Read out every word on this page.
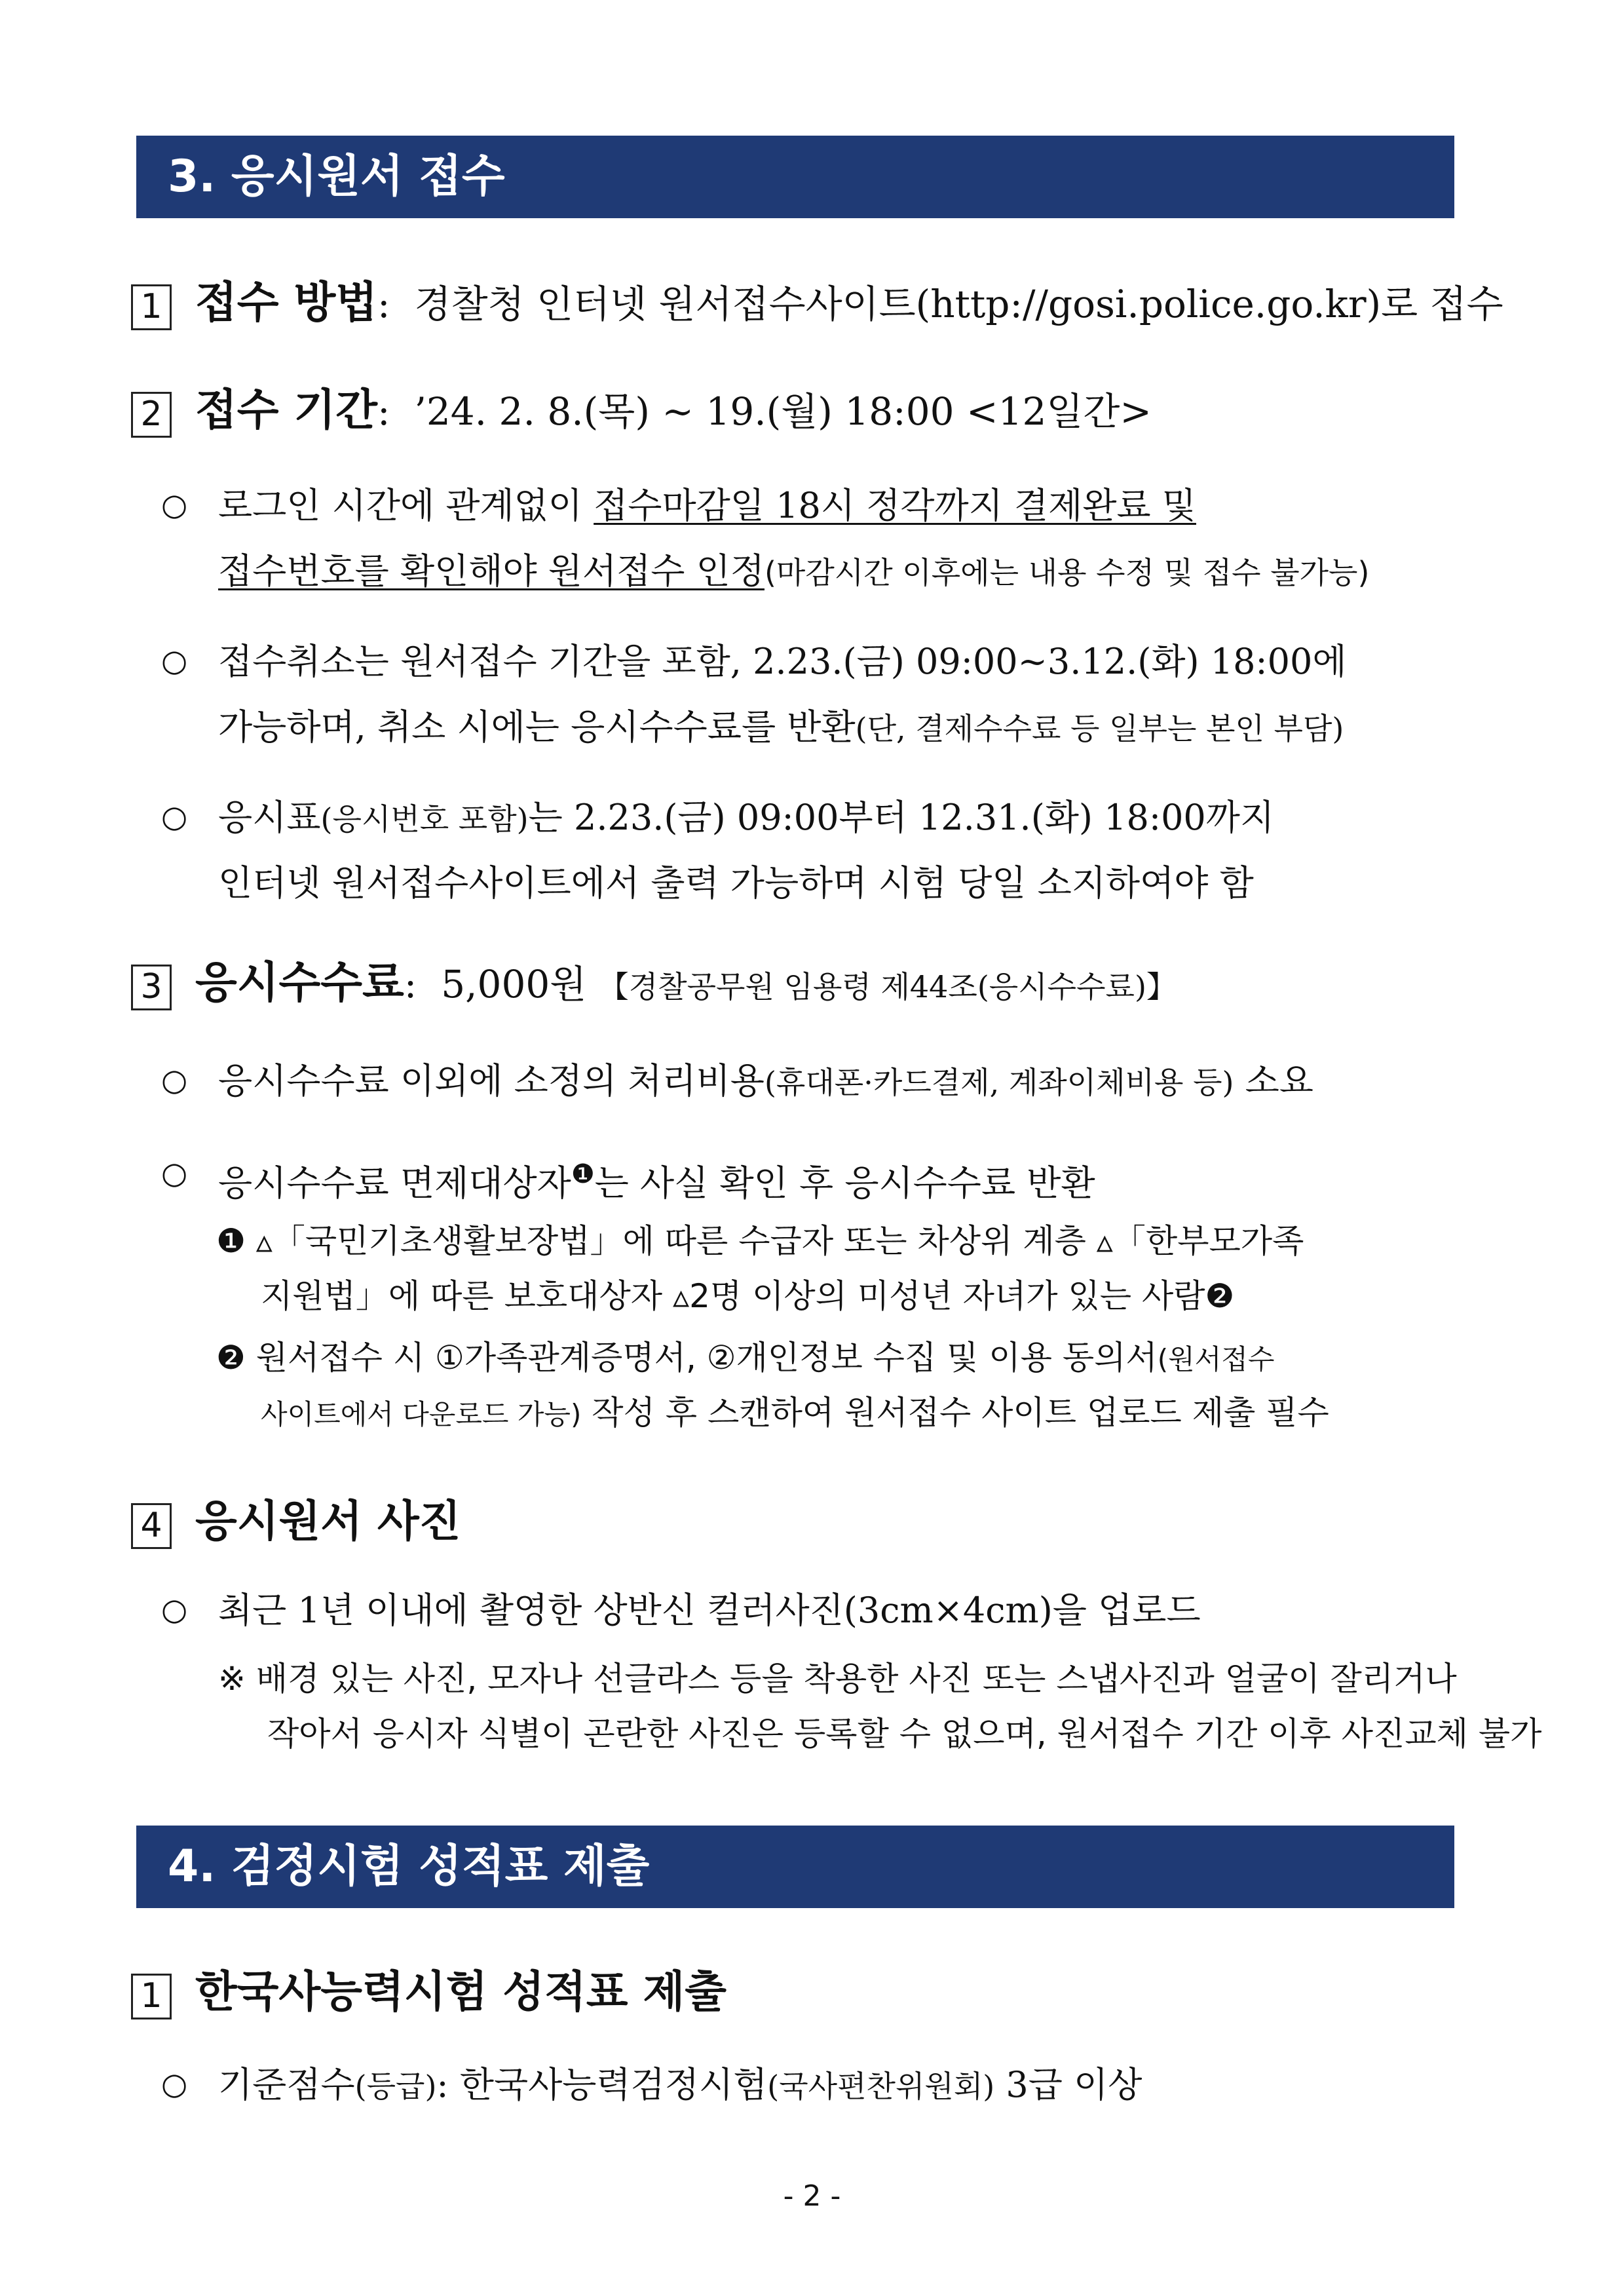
3. 응시원서 접수
1 접수 방법: 경찰청 인터넷 원서접수사이트(http://gosi.police.go.kr)로 접수
2 접수 기간: ’24. 2. 8.(목) ~ 19.(월) 18:00 <12일간>
○ 로그인 시간에 관계없이 접수마감일 18시 정각까지 결제완료 및
접수번호를 확인해야 원서접수 인정(마감시간 이후에는 내용 수정 및 접수 불가능)
○ 접수취소는 원서접수 기간을 포함, 2.23.(금) 09:00~3.12.(화) 18:00에
가능하며, 취소 시에는 응시수수료를 반환(단, 결제수수료 등 일부는 본인 부담)
○ 응시표(응시번호 포함)는 2.23.(금) 09:00부터 12.31.(화) 18:00까지
인터넷 원서접수사이트에서 출력 가능하며 시험 당일 소지하여야 함
3 응시수수료: 5,000원 【경찰공무원 임용령 제44조(응시수수료)】
○ 응시수수료 이외에 소정의 처리비용(휴대폰·카드결제, 계좌이체비용 등) 소요
○ 응시수수료 면제대상자$^❶$는 사실 확인 후 응시수수료 반환
❶ ▵「국민기초생활보장법」에 따른 수급자 또는 차상위 계층 ▵「한부모가족
지원법」에 따른 보호대상자 ▵2명 이상의 미성년 자녀가 있는 사람❷
❷ 원서접수 시 ①가족관계증명서, ②개인정보 수집 및 이용 동의서(원서접수
사이트에서 다운로드 가능) 작성 후 스캔하여 원서접수 사이트 업로드 제출 필수
4 응시원서 사진
○ 최근 1년 이내에 촬영한 상반신 컬러사진(3cm×4cm)을 업로드
※ 배경 있는 사진, 모자나 선글라스 등을 착용한 사진 또는 스냅사진과 얼굴이 잘리거나
작아서 응시자 식별이 곤란한 사진은 등록할 수 없으며, 원서접수 기간 이후 사진교체 불가
4. 검정시험 성적표 제출
1 한국사능력시험 성적표 제출
○ 기준점수(등급): 한국사능력검정시험(국사편찬위원회) 3급 이상
- 2 -
